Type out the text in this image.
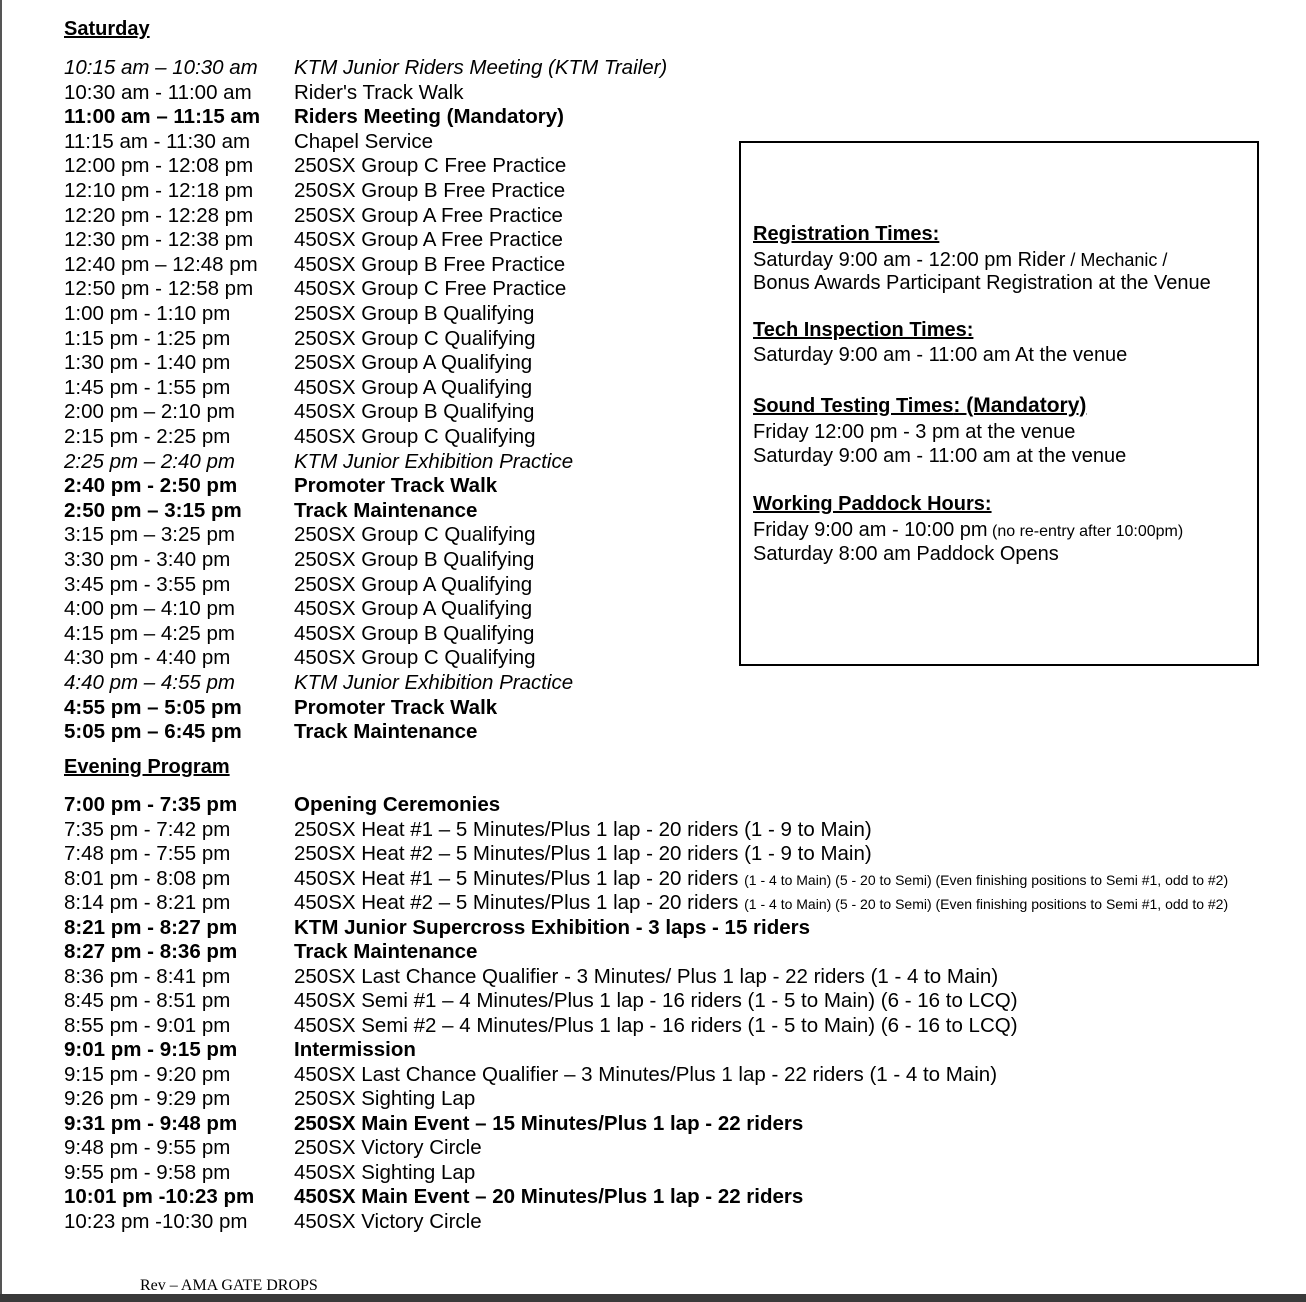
Saturday
10:15 am – 10:30 am KTM Junior Riders Meeting (KTM Trailer)
10:30 am - 11:00 am Rider's Track Walk
11:00 am – 11:15 am Riders Meeting (Mandatory)
11:15 am - 11:30 am Chapel Service
12:00 pm - 12:08 pm 250SX Group C Free Practice
12:10 pm - 12:18 pm 250SX Group B Free Practice
12:20 pm - 12:28 pm 250SX Group A Free Practice
12:30 pm - 12:38 pm 450SX Group A Free Practice
12:40 pm – 12:48 pm 450SX Group B Free Practice
12:50 pm - 12:58 pm 450SX Group C Free Practice
1:00 pm - 1:10 pm	250SX Group B Qualifying
1:15 pm - 1:25 pm	250SX Group C Qualifying
1:30 pm - 1:40 pm	250SX Group A Qualifying
1:45 pm - 1:55 pm	450SX Group A Qualifying
2:00 pm – 2:10 pm	450SX Group B Qualifying
2:15 pm - 2:25 pm	450SX Group C Qualifying
2:25 pm – 2:40 pm	KTM Junior Exhibition Practice
2:40 pm - 2:50 pm	Promoter Track Walk
2:50 pm – 3:15 pm	Track Maintenance
3:15 pm – 3:25 pm	250SX Group C Qualifying
3:30 pm - 3:40 pm	250SX Group B Qualifying
3:45 pm - 3:55 pm	250SX Group A Qualifying
4:00 pm – 4:10 pm	450SX Group A Qualifying
4:15 pm – 4:25 pm	450SX Group B Qualifying
4:30 pm - 4:40 pm	450SX Group C Qualifying
4:40 pm – 4:55 pm	KTM Junior Exhibition Practice
4:55 pm – 5:05 pm	Promoter Track Walk
5:05 pm – 6:45 pm	Track Maintenance
Evening Program
7:00 pm - 7:35 pm	Opening Ceremonies
7:35 pm - 7:42 pm	250SX Heat #1 – 5 Minutes/Plus 1 lap - 20 riders (1 - 9 to Main)
7:48 pm - 7:55 pm	250SX Heat #2 – 5 Minutes/Plus 1 lap - 20 riders (1 - 9 to Main)
8:01 pm - 8:08 pm	450SX Heat #1 – 5 Minutes/Plus 1 lap - 20 riders (1 - 4 to Main) (5 - 20 to Semi) (Even finishing positions to Semi #1, odd to #2)
8:14 pm - 8:21 pm	450SX Heat #2 – 5 Minutes/Plus 1 lap - 20 riders (1 - 4 to Main) (5 - 20 to Semi) (Even finishing positions to Semi #1, odd to #2)
8:21 pm - 8:27 pm	KTM Junior Supercross Exhibition - 3 laps - 15 riders
8:27 pm - 8:36 pm	Track Maintenance
8:36 pm - 8:41 pm	250SX Last Chance Qualifier - 3 Minutes/ Plus 1 lap - 22 riders (1 - 4 to Main)
8:45 pm - 8:51 pm	450SX Semi #1 – 4 Minutes/Plus 1 lap - 16 riders (1 - 5 to Main) (6 - 16 to LCQ)
8:55 pm - 9:01 pm	450SX Semi #2 – 4 Minutes/Plus 1 lap - 16 riders (1 - 5 to Main) (6 - 16 to LCQ)
9:01 pm - 9:15 pm	Intermission
9:15 pm - 9:20 pm	450SX Last Chance Qualifier – 3 Minutes/Plus 1 lap - 22 riders (1 - 4 to Main)
9:26 pm - 9:29 pm	250SX Sighting Lap
9:31 pm - 9:48 pm	250SX Main Event – 15 Minutes/Plus 1 lap - 22 riders
9:48 pm - 9:55 pm	250SX Victory Circle
9:55 pm - 9:58 pm	450SX Sighting Lap
10:01 pm -10:23 pm 450SX Main Event – 20 Minutes/Plus 1 lap - 22 riders
10:23 pm -10:30 pm 450SX Victory Circle
Registration Times:
Saturday 9:00 am - 12:00 pm Rider / Mechanic /
Bonus Awards Participant Registration at the Venue
Tech Inspection Times:
Saturday 9:00 am - 11:00 am At the venue
Sound Testing Times: (Mandatory)
Friday 12:00 pm - 3 pm at the venue
Saturday 9:00 am - 11:00 am at the venue
Working Paddock Hours:
Friday 9:00 am - 10:00 pm (no re-entry after 10:00pm)
Saturday 8:00 am Paddock Opens
Rev – AMA GATE DROPS
